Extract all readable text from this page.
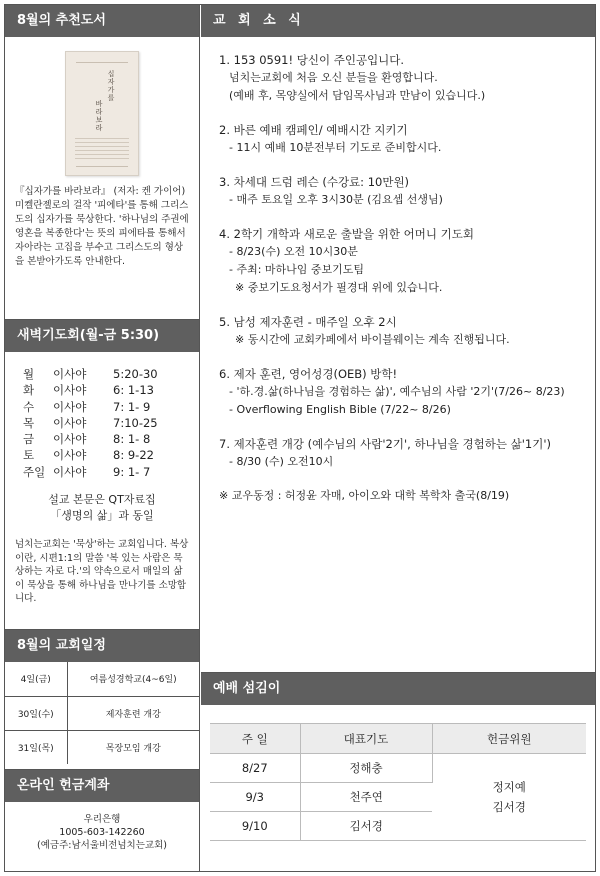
8월의 추천도서
십자가를
바라보라
『십자가를 바라보라』 (저자: 켄 가이어) 미켈란젤로의 걸작 '피에타'를 통해 그리스도의 십자가를 묵상한다. '하나님의 주권에 영혼을 복종한다'는 뜻의 피에타를 통해서 자아라는 고집을 부수고 그리스도의 형상을 본받아가도록 안내한다.
새벽기도회(월-금 5:30)
월	이사야	5:20-30
화	이사야	6: 1-13
수	이사야	7: 1- 9
목	이사야	7:10-25
금	이사야	8: 1- 8
토	이사야	8: 9-22
주일 이사야	9: 1- 7
설교 본문은 QT자료집
「생명의 삶」과 동일
넘치는교회는 '묵상'하는 교회입니다. 복상이란, 시편1:1의 말씀 '복 있는 사람은 묵상하는 자로 다.'의 약속으로서 매일의 삶이 묵상을 통해 하나님을 만나기를 소망합니다.
8월의 교회일정
4일(금)	여름성경학교(4~6일)
30일(수)	제자훈련 개강
31일(목)	목장모임 개강
온라인 헌금계좌
우리은행
1005-603-142260
(예금주:남서울비전넘치는교회)
교 회 소 식
1. 153 0591! 당신이 주인공입니다.
넘치는교회에 처음 오신 분들을 환영합니다.
(예배 후, 목양실에서 담임목사님과 만남이 있습니다.)
2. 바른 예배 캠페인/ 예배시간 지키기
- 11시 예배 10분전부터 기도로 준비합시다.
3. 차세대 드럼 레슨 (수강료: 10만원)
- 매주 토요일 오후 3시30분 (김요셉 선생님)
4. 2학기 개학과 새로운 출발을 위한 어머니 기도회
- 8/23(수) 오전 10시30분
- 주최: 마하나임 중보기도팀
※ 중보기도요청서가 필경대 위에 있습니다.
5. 남성 제자훈련 - 매주일 오후 2시
※ 동시간에 교회카페에서 바이블웨이는 계속 진행됩니다.
6. 제자 훈련, 영어성경(OEB) 방학!
- '하.경.삶(하나님을 경험하는 삶)', 예수님의 사람 '2기'(7/26~ 8/23)
- Overflowing English Bible (7/22~ 8/26)
7. 제자훈련 개강 (예수님의 사람'2기', 하나님을 경험하는 삶'1기')
- 8/30 (수) 오전10시
※ 교우동정 : 허정윤 자매, 아이오와 대학 복학차 출국(8/19)
예배 섬김이
주 일	대표기도	헌금위원
8/27	정해충	정지예
김서경

9/3	천주연	
9/10	김서경	
